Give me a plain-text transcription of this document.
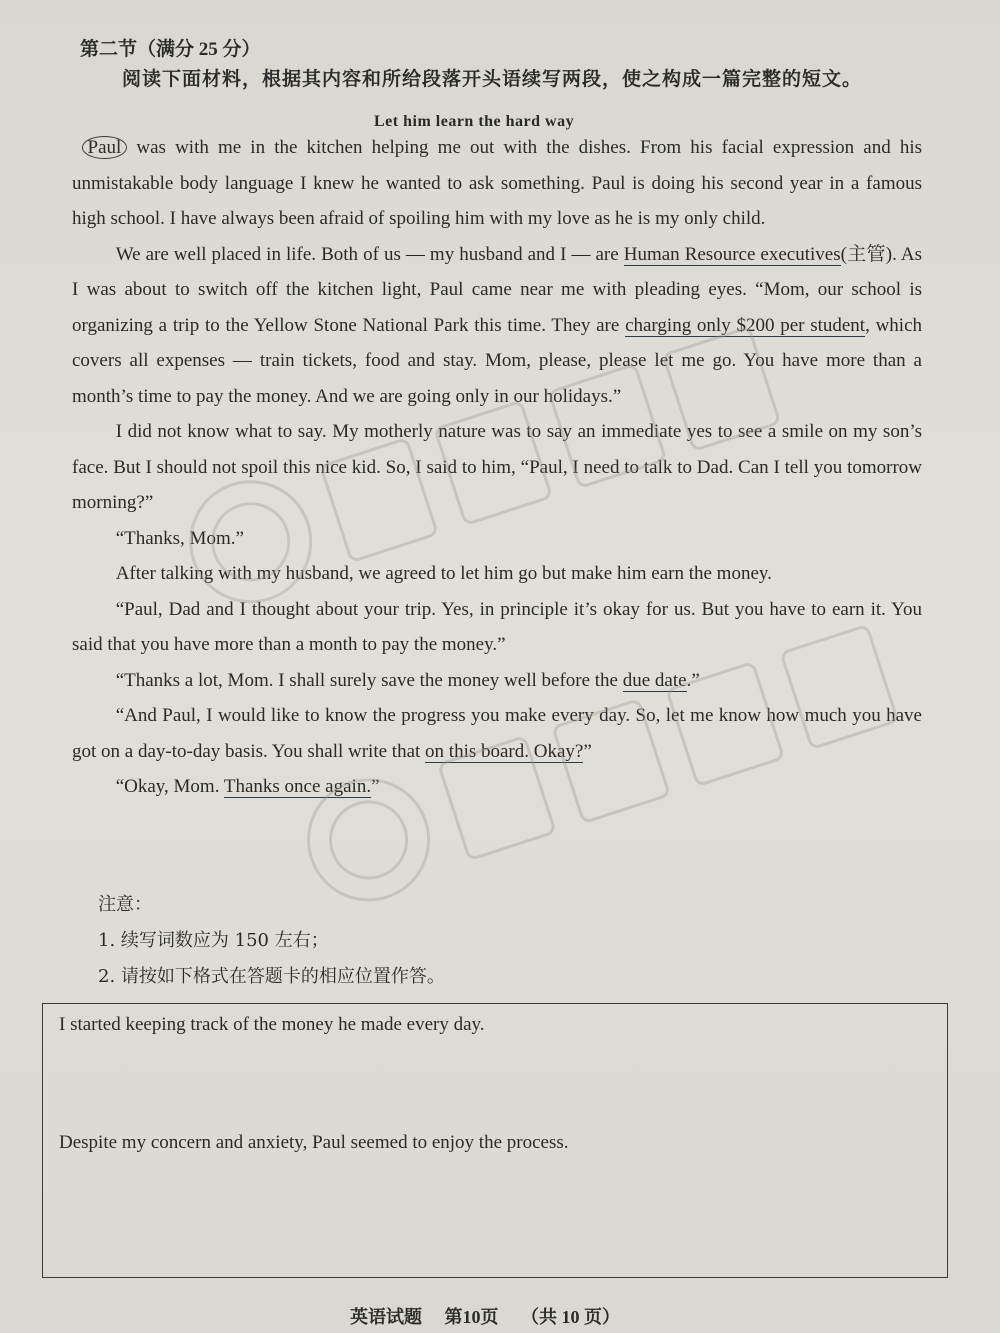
第二节（满分 25 分）
阅读下面材料，根据其内容和所给段落开头语续写两段，使之构成一篇完整的短文。
Let him learn the hard way

Paul was with me in the kitchen helping me out with the dishes. From his facial expression and his unmistakable body language I knew he wanted to ask something. Paul is doing his second year in a famous high school. I have always been afraid of spoiling him with my love as he is my only child.

We are well placed in life. Both of us — my husband and I — are Human Resource executives(主管). As I was about to switch off the kitchen light, Paul came near me with pleading eyes. “Mom, our school is organizing a trip to the Yellow Stone National Park this time. They are charging only $200 per student, which covers all expenses — train tickets, food and stay. Mom, please, please let me go. You have more than a month’s time to pay the money. And we are going only in our holidays.”

I did not know what to say. My motherly nature was to say an immediate yes to see a smile on my son’s face. But I should not spoil this nice kid. So, I said to him, “Paul, I need to talk to Dad. Can I tell you tomorrow morning?”

“Thanks, Mom.”

After talking with my husband, we agreed to let him go but make him earn the money.

“Paul, Dad and I thought about your trip. Yes, in principle it’s okay for us. But you have to earn it. You said that you have more than a month to pay the money.”

“Thanks a lot, Mom. I shall surely save the money well before the due date.”

“And Paul, I would like to know the progress you make every day. So, let me know how much you have got on a day-to-day basis. You shall write that on this board. Okay?”

“Okay, Mom. Thanks once again.”

注意：
1. 续写词数应为 150 左右；
2. 请按如下格式在答题卡的相应位置作答。
I started keeping track of the money he made every day.
Despite my concern and anxiety, Paul seemed to enjoy the process.
英语试题 第10页 （共 10 页）
